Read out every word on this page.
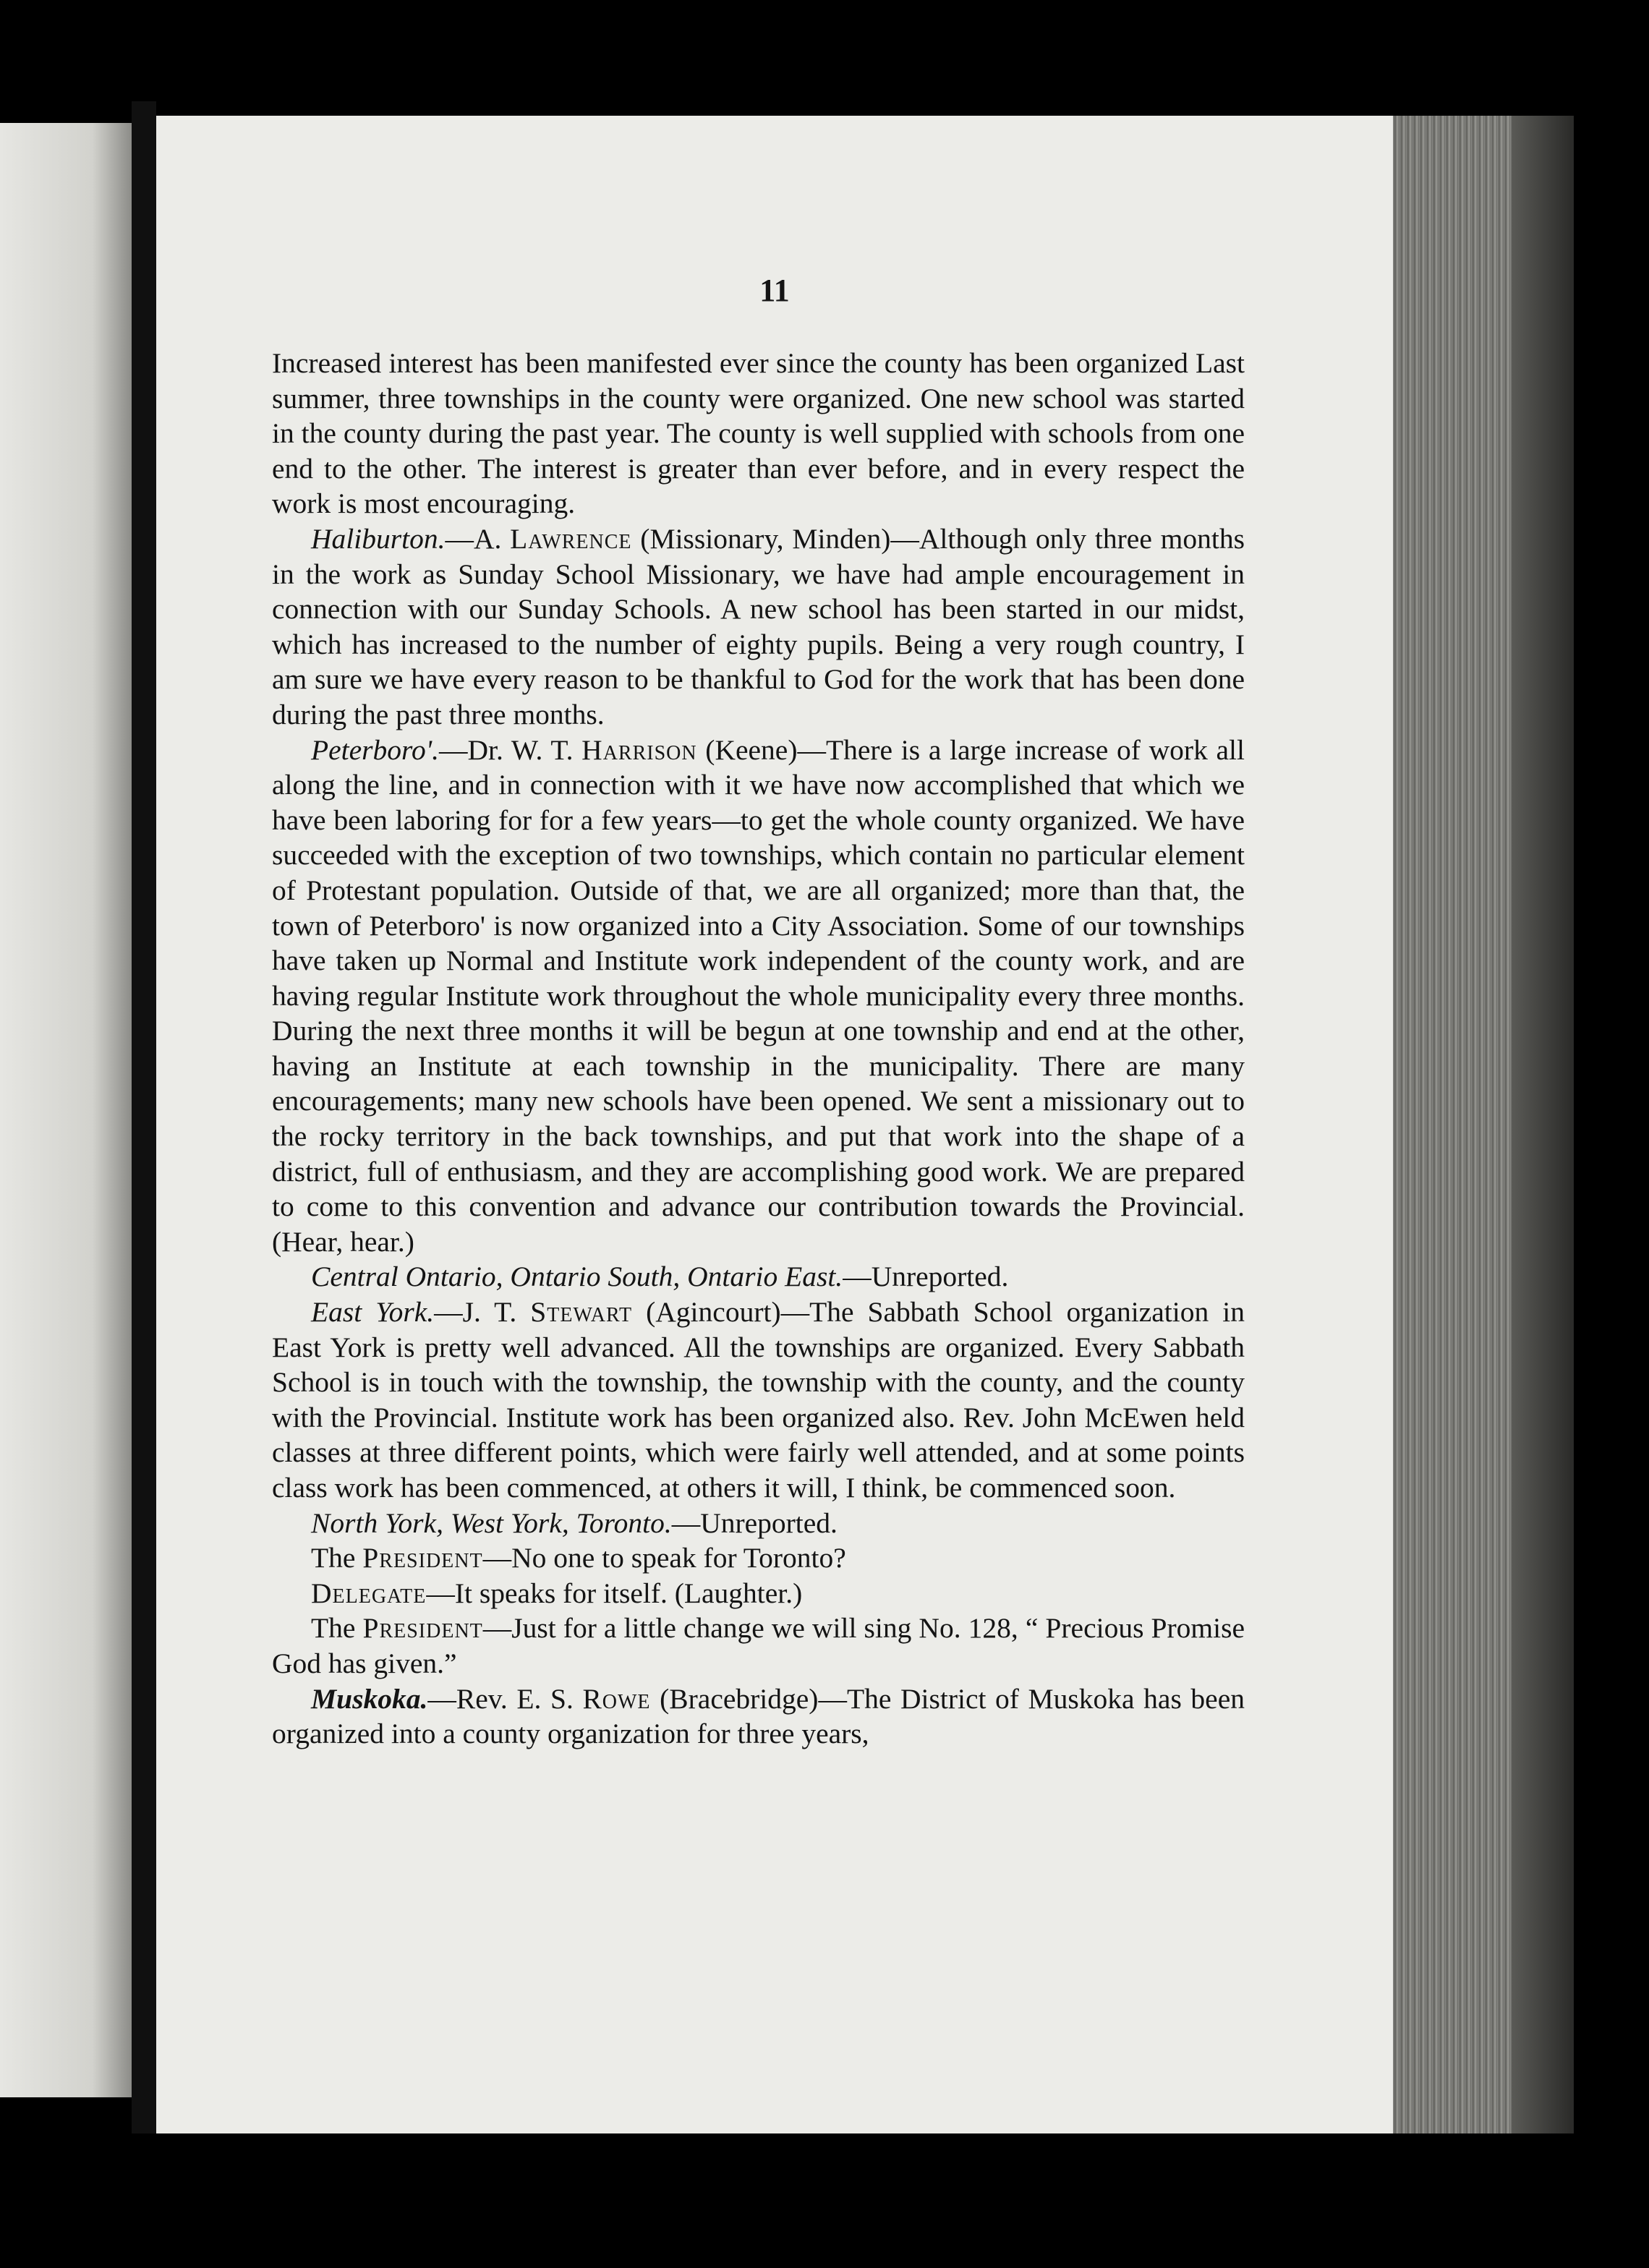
11

Increased interest has been manifested ever since the county has been organized Last summer, three townships in the county were organized. One new school was started in the county during the past year. The county is well supplied with schools from one end to the other. The interest is greater than ever before, and in every respect the work is most encouraging.

Haliburton.—A. Lawrence (Missionary, Minden)—Although only three months in the work as Sunday School Missionary, we have had ample encouragement in connection with our Sunday Schools. A new school has been started in our midst, which has increased to the number of eighty pupils. Being a very rough country, I am sure we have every reason to be thankful to God for the work that has been done during the past three months.

Peterboro'.—Dr. W. T. Harrison (Keene)—There is a large increase of work all along the line, and in connection with it we have now accomplished that which we have been laboring for for a few years—to get the whole county organized. We have succeeded with the exception of two townships, which contain no particular element of Protestant population. Outside of that, we are all organized; more than that, the town of Peterboro' is now organized into a City Association. Some of our townships have taken up Normal and Institute work independent of the county work, and are having regular Institute work throughout the whole municipality every three months. During the next three months it will be begun at one township and end at the other, having an Institute at each township in the municipality. There are many encouragements; many new schools have been opened. We sent a missionary out to the rocky territory in the back townships, and put that work into the shape of a district, full of enthusiasm, and they are accomplishing good work. We are prepared to come to this convention and advance our contribution towards the Provincial. (Hear, hear.)

Central Ontario, Ontario South, Ontario East.—Unreported.

East York.—J. T. Stewart (Agincourt)—The Sabbath School organization in East York is pretty well advanced. All the townships are organized. Every Sabbath School is in touch with the township, the township with the county, and the county with the Provincial. Institute work has been organized also. Rev. John McEwen held classes at three different points, which were fairly well attended, and at some points class work has been commenced, at others it will, I think, be commenced soon.

North York, West York, Toronto.—Unreported.

The President—No one to speak for Toronto?

Delegate—It speaks for itself. (Laughter.)

The President—Just for a little change we will sing No. 128, “ Precious Promise God has given.”

Muskoka.—Rev. E. S. Rowe (Bracebridge)—The District of Muskoka has been organized into a county organization for three years,
